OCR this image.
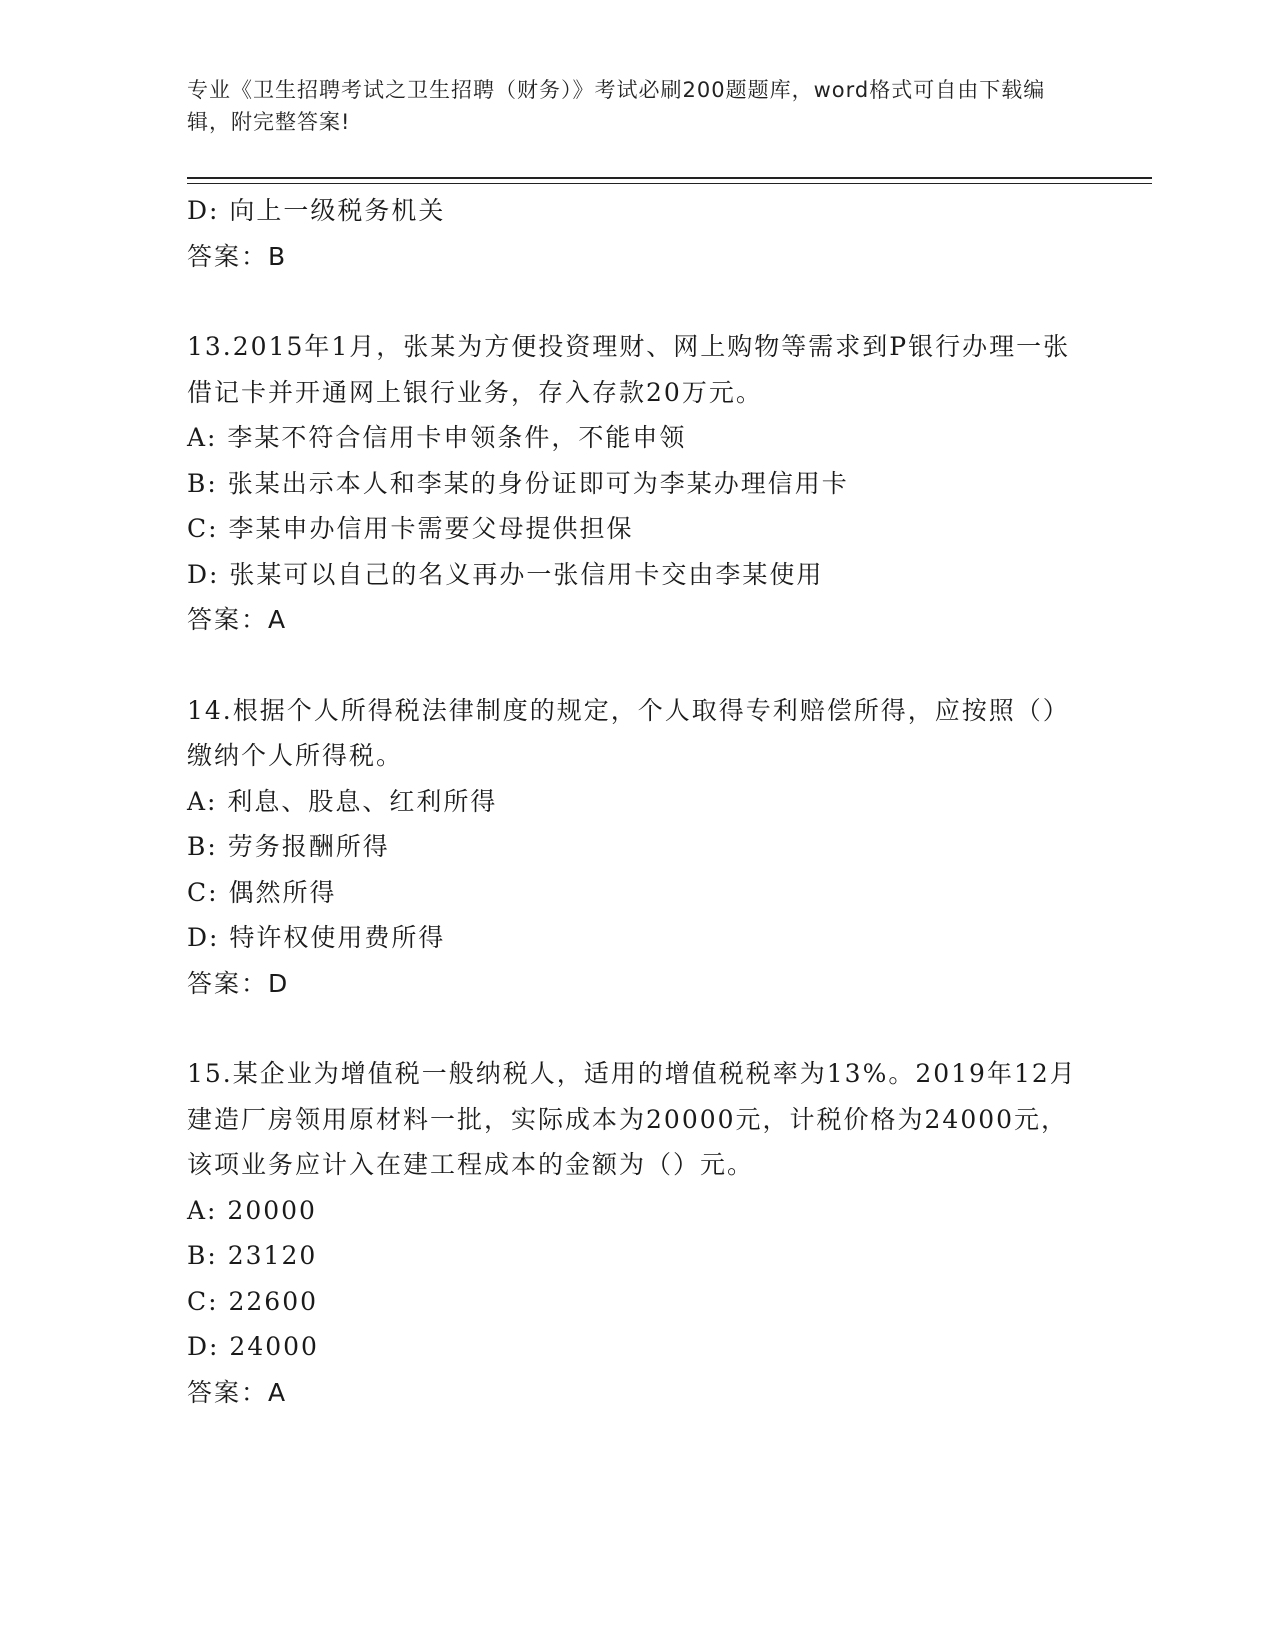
专业《卫生招聘考试之卫生招聘（财务）》考试必刷200题题库，word格式可自由下载编辑，附完整答案!
D: 向上一级税务机关
答案：B
13.2015年1月，张某为方便投资理财、网上购物等需求到P银行办理一张借记卡并开通网上银行业务，存入存款20万元。
A: 李某不符合信用卡申领条件，不能申领
B: 张某出示本人和李某的身份证即可为李某办理信用卡
C: 李某申办信用卡需要父母提供担保
D: 张某可以自己的名义再办一张信用卡交由李某使用
答案：A
14.根据个人所得税法律制度的规定，个人取得专利赔偿所得，应按照（）缴纳个人所得税。
A: 利息、股息、红利所得
B: 劳务报酬所得
C: 偶然所得
D: 特许权使用费所得
答案：D
15.某企业为增值税一般纳税人，适用的增值税税率为13%。2019年12月建造厂房领用原材料一批，实际成本为20000元，计税价格为24000元，该项业务应计入在建工程成本的金额为（）元。
A: 20000
B: 23120
C: 22600
D: 24000
答案：A
